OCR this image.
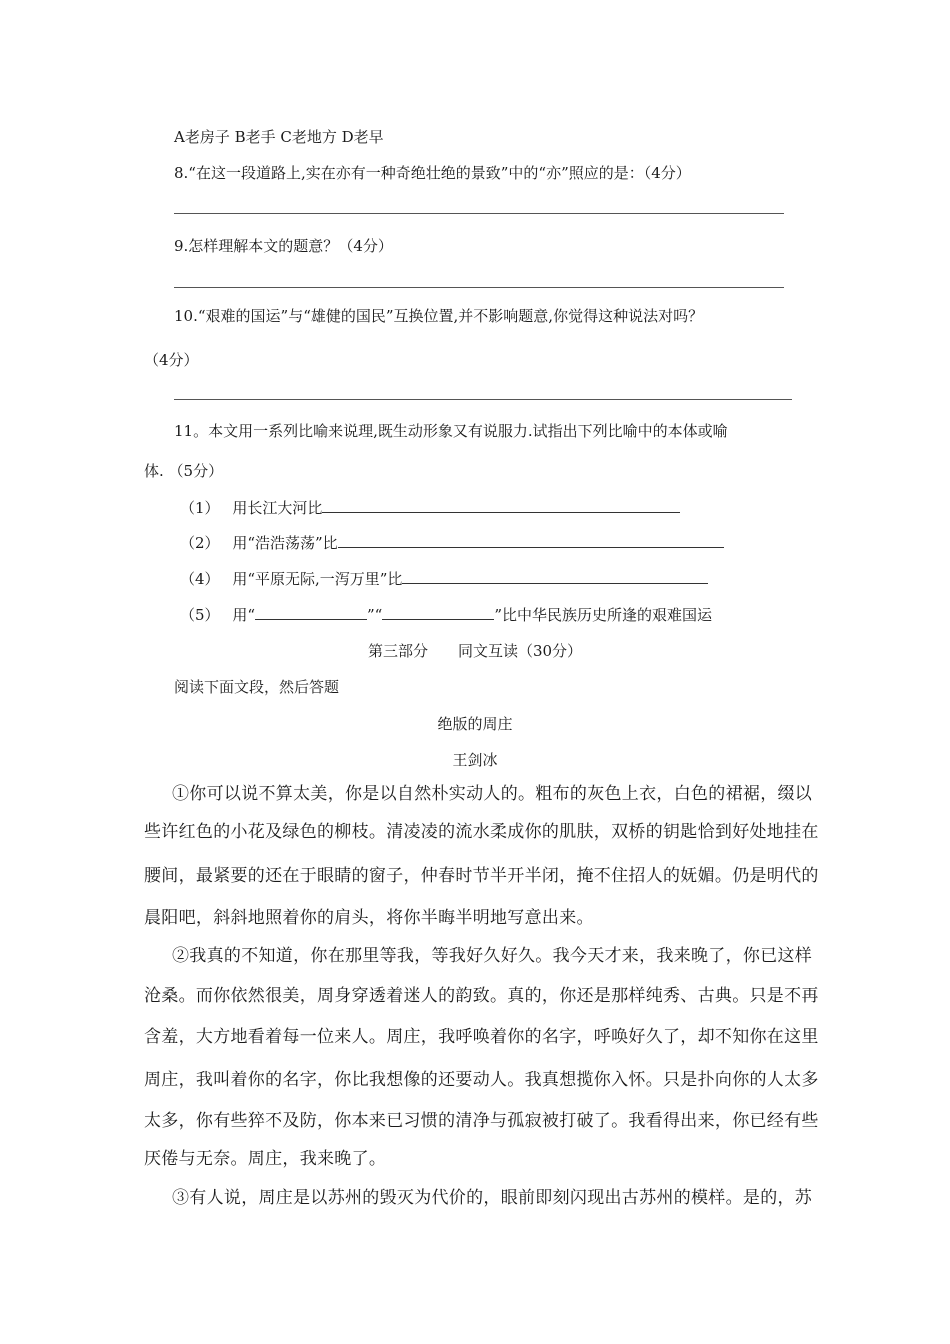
A老房子 B老手 C老地方 D老早
8.“在这一段道路上,实在亦有一种奇绝壮绝的景致”中的“亦”照应的是：（4分）
9.怎样理解本文的题意？（4分）
10.“艰难的国运”与“雄健的国民”互换位置,并不影响题意,你觉得这种说法对吗？
（4分）
11。本文用一系列比喻来说理,既生动形象又有说服力.试指出下列比喻中的本体或喻
体. （5分）
（1） 用长江大河比
（2） 用“浩浩荡荡”比
（4） 用“平原无际,一泻万里”比
（5） 用“	”“	”比中华民族历史所逢的艰难国运
第三部分　　同文互读（30分）
阅读下面文段，然后答题
绝版的周庄
王剑冰
①你可以说不算太美，你是以自然朴实动人的。粗布的灰色上衣，白色的裙裾，缀以
些许红色的小花及绿色的柳枝。清凌凌的流水柔成你的肌肤，双桥的钥匙恰到好处地挂在
腰间，最紧要的还在于眼睛的窗子，仲春时节半开半闭，掩不住招人的妩媚。仍是明代的
晨阳吧，斜斜地照着你的肩头，将你半晦半明地写意出来。
②我真的不知道，你在那里等我，等我好久好久。我今天才来，我来晚了，你已这样
沧桑。而你依然很美，周身穿透着迷人的韵致。真的，你还是那样纯秀、古典。只是不再
含羞，大方地看着每一位来人。周庄，我呼唤着你的名字，呼唤好久了，却不知你在这里
周庄，我叫着你的名字，你比我想像的还要动人。我真想揽你入怀。只是扑向你的人太多
太多，你有些猝不及防，你本来已习惯的清净与孤寂被打破了。我看得出来，你已经有些
厌倦与无奈。周庄，我来晚了。
③有人说，周庄是以苏州的毁灭为代价的，眼前即刻闪现出古苏州的模样。是的，苏
